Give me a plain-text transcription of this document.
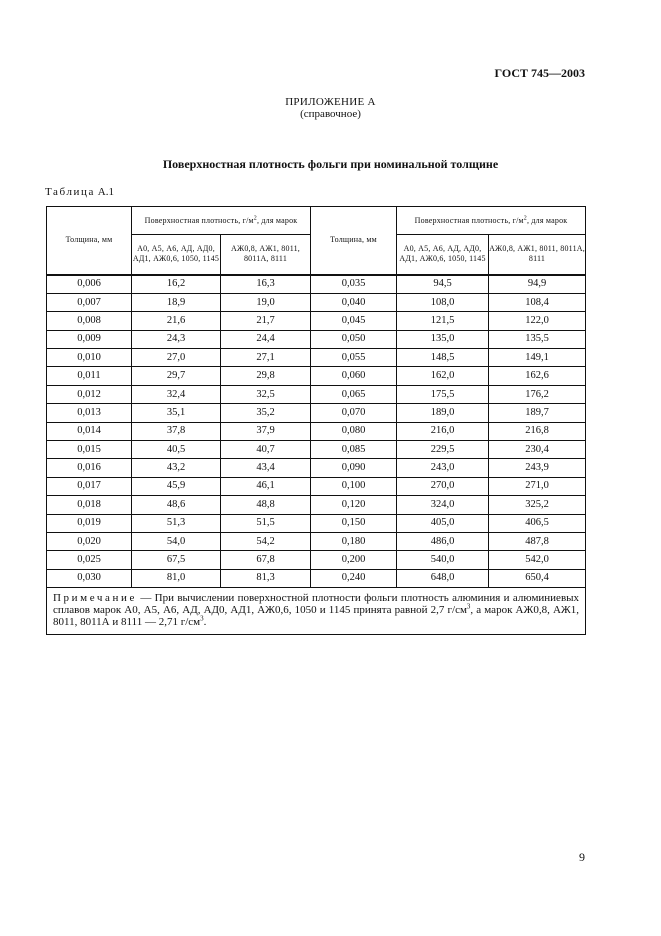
ГОСТ 745—2003
ПРИЛОЖЕНИЕ А
(справочное)
Поверхностная плотность фольги при номинальной толщине
Таблица А.1
Толщина, мм	Поверхностная плотность, $г/м^2$, для марок		Толщина, мм	Поверхностная плотность, $г/м^2$, для марок	
	А0, А5, А6, АД, АД0, АД1, АЖ0,6, 1050, 1145	АЖ0,8, АЖ1, 8011, 8011А, 8111		А0, А5, А6, АД, АД0, АД1, АЖ0,6, 1050, 1145	АЖ0,8, АЖ1, 8011, 8011А, 8111
0,006	16,2	16,3	0,035	94,5	94,9
0,007	18,9	19,0	0,040	108,0	108,4
0,008	21,6	21,7	0,045	121,5	122,0
0,009	24,3	24,4	0,050	135,0	135,5
0,010	27,0	27,1	0,055	148,5	149,1
0,011	29,7	29,8	0,060	162,0	162,6
0,012	32,4	32,5	0,065	175,5	176,2
0,013	35,1	35,2	0,070	189,0	189,7
0,014	37,8	37,9	0,080	216,0	216,8
0,015	40,5	40,7	0,085	229,5	230,4
0,016	43,2	43,4	0,090	243,0	243,9
0,017	45,9	46,1	0,100	270,0	271,0
0,018	48,6	48,8	0,120	324,0	325,2
0,019	51,3	51,5	0,150	405,0	406,5
0,020	54,0	54,2	0,180	486,0	487,8
0,025	67,5	67,8	0,200	540,0	542,0
0,030	81,0	81,3	0,240	648,0	650,4
Примечание — При вычислении поверхностной плотности фольги плотность алюминия и алюминиевых сплавов марок А0, А5, А6, АД, АД0, АД1, АЖ0,6, 1050 и 1145 принята равной 2,7 $г/см^3$, а марок АЖ0,8, АЖ1, 8011, 8011А и 8111 — 2,71 $г/см^3$.					
9
